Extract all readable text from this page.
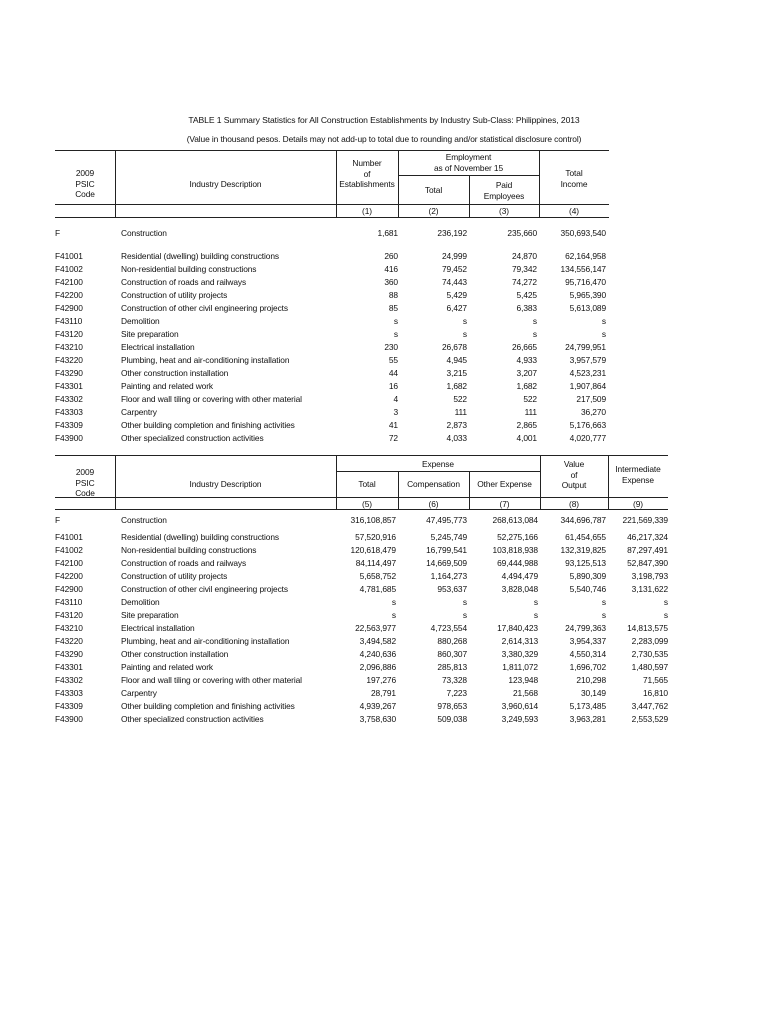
TABLE 1 Summary Statistics for All Construction Establishments by Industry Sub-Class: Philippines, 2013
(Value in thousand pesos. Details may not add-up to total due to rounding and/or statistical disclosure control)
2009
PSIC
Code
Industry Description
Number
of
Establishments
Employment
as of November 15
Total	Paid
Employees
Total
Income
(1)	(2)	(3)	(4)
F	Construction	1,681	236,192	235,660	350,693,540
F41001	Residential (dwelling) building constructions	260	24,999	24,870	62,164,958
F41002	Non-residential building constructions	416	79,452	79,342	134,556,147
F42100	Construction of roads and railways	360	74,443	74,272	95,716,470
F42200	Construction of utility projects	88	5,429	5,425	5,965,390
F42900	Construction of other civil engineering projects	85	6,427	6,383	5,613,089
F43110	Demolition	s	s	s	s
F43120	Site preparation	s	s	s	s
F43210	Electrical installation	230	26,678	26,665	24,799,951
F43220	Plumbing, heat and air-conditioning installation	55	4,945	4,933	3,957,579
F43290	Other construction installation	44	3,215	3,207	4,523,231
F43301	Painting and related work	16	1,682	1,682	1,907,864
F43302	Floor and wall tiling or covering with other material	4	522	522	217,509
F43303	Carpentry	3	111	111	36,270
F43309	Other building completion and finishing activities	41	2,873	2,865	5,176,663
F43900	Other specialized construction activities	72	4,033	4,001	4,020,777
2009
PSIC
Code
Industry Description
Expense
Total	Compensation	Other Expense
Value
of
Output
Intermediate
Expense
(5)	(6)	(7)	(8)	(9)
F	Construction	316,108,857	47,495,773	268,613,084	344,696,787 221,569,339
F41001	Residential (dwelling) building constructions	57,520,916	5,245,749	52,275,166	61,454,655	46,217,324
F41002	Non-residential building constructions	120,618,479	16,799,541	103,818,938	132,319,825	87,297,491
F42100	Construction of roads and railways	84,114,497	14,669,509	69,444,988	93,125,513	52,847,390
F42200	Construction of utility projects	5,658,752	1,164,273	4,494,479	5,890,309	3,198,793
F42900	Construction of other civil engineering projects	4,781,685	953,637	3,828,048	5,540,746	3,131,622
F43110	Demolition	s	s	s	s	s
F43120	Site preparation	s	s	s	s	s
F43210	Electrical installation	22,563,977	4,723,554	17,840,423	24,799,363	14,813,575
F43220	Plumbing, heat and air-conditioning installation	3,494,582	880,268	2,614,313	3,954,337	2,283,099
F43290	Other construction installation	4,240,636	860,307	3,380,329	4,550,314	2,730,535
F43301	Painting and related work	2,096,886	285,813	1,811,072	1,696,702	1,480,597
F43302	Floor and wall tiling or covering with other material	197,276	73,328	123,948	210,298	71,565
F43303	Carpentry	28,791	7,223	21,568	30,149	16,810
F43309	Other building completion and finishing activities	4,939,267	978,653	3,960,614	5,173,485	3,447,762
F43900	Other specialized construction activities	3,758,630	509,038	3,249,593	3,963,281	2,553,529
